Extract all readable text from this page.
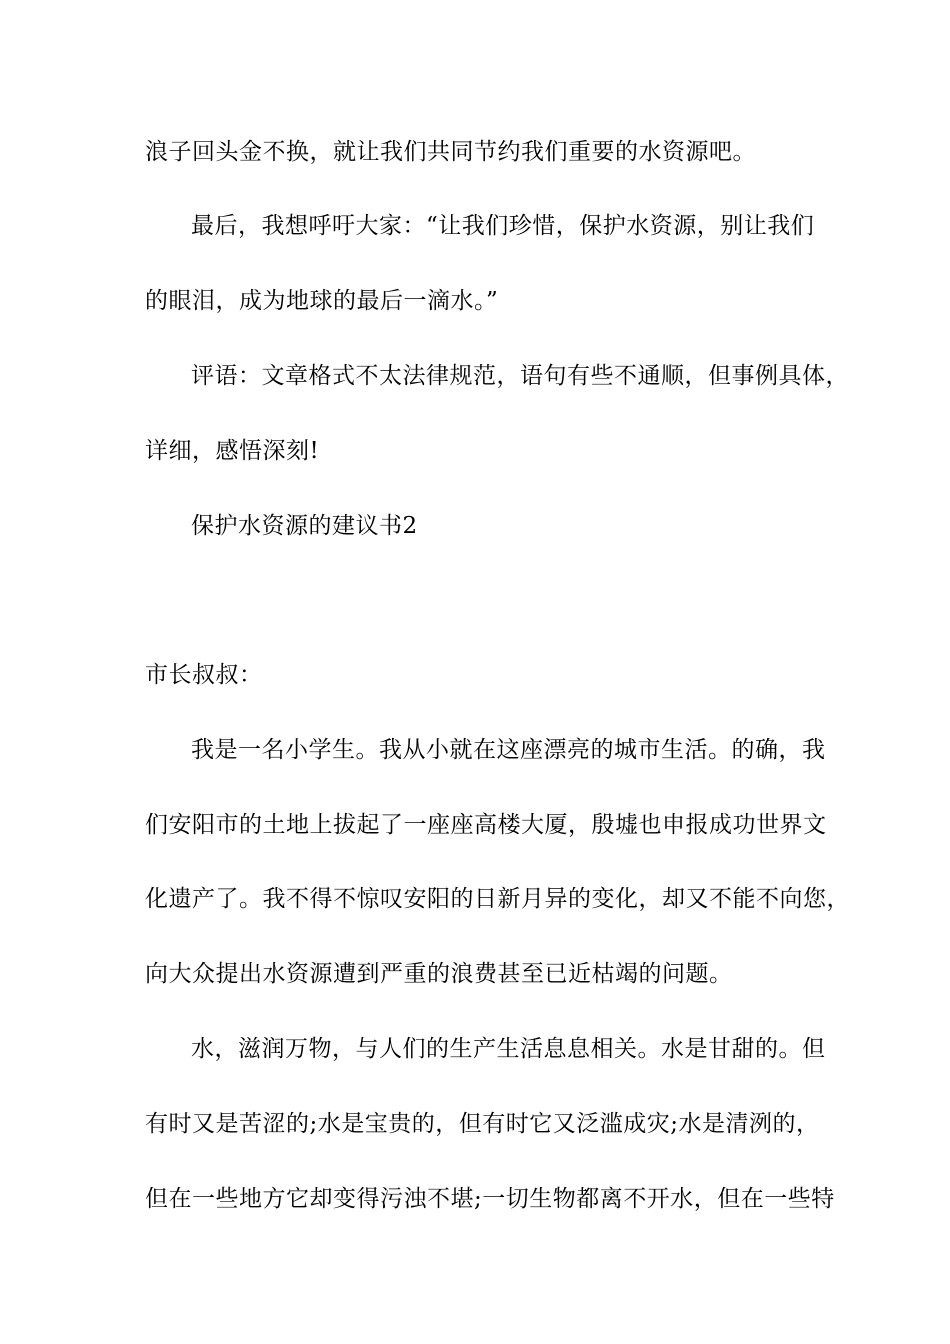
浪子回头金不换，就让我们共同节约我们重要的水资源吧。
最后，我想呼吁大家：“让我们珍惜，保护水资源，别让我们
的眼泪，成为地球的最后一滴水。”
评语：文章格式不太法律规范，语句有些不通顺，但事例具体，
详细，感悟深刻!
保护水资源的建议书2
市长叔叔：
我是一名小学生。我从小就在这座漂亮的城市生活。的确，我
们安阳市的土地上拔起了一座座高楼大厦，殷墟也申报成功世界文
化遗产了。我不得不惊叹安阳的日新月异的变化，却又不能不向您，
向大众提出水资源遭到严重的浪费甚至已近枯竭的问题。
水，滋润万物，与人们的生产生活息息相关。水是甘甜的。但
有时又是苦涩的;水是宝贵的，但有时它又泛滥成灾;水是清洌的，
但在一些地方它却变得污浊不堪;一切生物都离不开水，但在一些特
